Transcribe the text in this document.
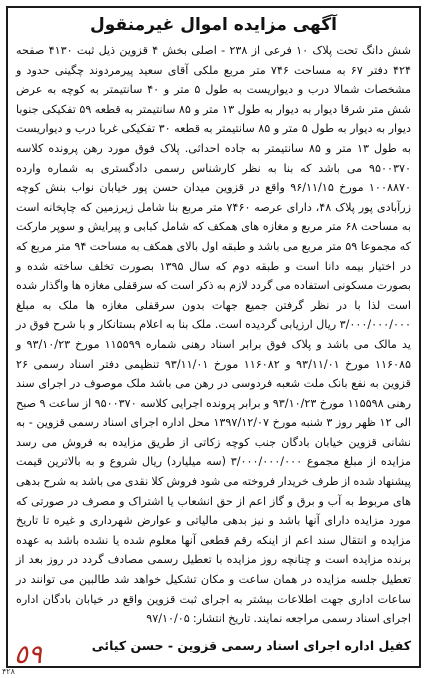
آگهی مزایده اموال غیرمنقول

شش دانگ تحت پلاک ۱۰ فرعی از ۲۳۸ - اصلی بخش ۴ قزوین ذیل ثبت ۴۱۳۰ صفحه ۴۲۴ دفتر ۶۷ به مساحت ۷۴۶ متر مربع ملکی آقای سعید پیرمردوند چگینی حدود و مشخصات شمالا درب و دیواریست به طول ۵ متر و ۴۰ سانتیمتر به کوچه به عرض شش متر شرقا دیوار به دیوار به طول ۱۳ متر و ۸۵ سانتیمتر به قطعه ۵۹ تفکیکی جنوبا دیوار به دیوار به طول ۵ متر و ۸۵ سانتیمتر به قطعه ۳۰ تفکیکی غربا درب و دیواریست به طول ۱۳ متر و ۸۵ سانتیمتر به جاده احداثی. پلاک فوق مورد رهن پرونده کلاسه ۹۵۰۰۳۷۰ می باشد که بنا به نظر کارشناس رسمی دادگستری به شماره وارده ۱۰۰۸۸۷۰ مورخ ۹۶/۱۱/۱۵ واقع در قزوین میدان حسن پور خیابان نواب بنش کوچه زرآبادی پور پلاک ۴۸، دارای عرصه ۷۴۶۰ متر مربع بنا شامل زیرزمین که چاپخانه است به مساحت ۶۸ متر مربع و مغازه های همکف که شامل کبابی و پیرایش و سوپر مارکت که مجموعا ۵۹ متر مربع می باشد و طبقه اول بالای همکف به مساحت ۹۴ متر مربع که در اختیار بیمه دانا است و طبقه دوم که سال ۱۳۹۵ بصورت تخلف ساخته شده و بصورت مسکونی استفاده می گردد لازم به ذکر است که سرقفلی مغازه ها واگذار شده است لذا با در نظر گرفتن جمیع جهات بدون سرقفلی مغازه ها ملک به مبلغ ۳/۰۰۰/۰۰۰/۰۰۰ ریال ارزیابی گردیده است. ملک بنا به اعلام بستانکار و با شرح فوق در ید مالک می باشد و پلاک فوق برابر اسناد رهنی شماره ۱۱۵۵۹۹ مورخ ۹۳/۱۰/۲۳ و ۱۱۶۰۸۵ مورخ ۹۳/۱۱/۰۱ و ۱۱۶۰۸۲ مورخ ۹۳/۱۱/۰۱ تنظیمی دفتر اسناد رسمی ۲۶ قزوین به نفع بانک ملت شعبه فردوسی در رهن می باشد ملک موصوف در اجرای سند رهنی ۱۱۵۵۹۸ مورخ ۹۳/۱۰/۲۳ و برابر پرونده اجرایی کلاسه ۹۵۰۰۳۷۰ از ساعت ۹ صبح الی ۱۲ ظهر روز ۳ شنبه مورخ ۱۳۹۷/۱۲/۰۷ محل اداره اجرای اسناد رسمی قزوین - به نشانی قزوین خیابان بادگان جنب کوچه زکاتی از طریق مزایده به فروش می رسد مزایده از مبلغ مجموع ۳/۰۰۰/۰۰۰/۰۰۰ (سه میلیارد) ریال شروع و به بالاترین قیمت پیشنهاد شده از طرف خریدار فروخته می شود فروش کلا نقدی می باشد به شرح بدهی های مربوط به آب و برق و گاز اعم از حق انشعاب یا اشتراک و مصرف در صورتی که مورد مزایده دارای آنها باشد و نیز بدهی مالیاتی و عوارض شهرداری و غیره تا تاریخ مزایده و انتقال سند اعم از اینکه رقم قطعی آنها معلوم شده یا نشده باشد به عهده برنده مزایده است و چنانچه روز مزایده با تعطیل رسمی مصادف گردد در روز بعد از تعطیل جلسه مزایده در همان ساعت و مکان تشکیل خواهد شد طالبین می توانند در ساعات اداری جهت اطلاعات بیشتر به اجرای ثبت قزوین واقع در خیابان بادگان اداره اجرای اسناد رسمی مراجعه نمایند. تاریخ انتشار: ۹۷/۱۰/۰۵

کفیل اداره اجرای اسناد رسمی قزوین - حسن کیائی
٥٩
۴۲۸
